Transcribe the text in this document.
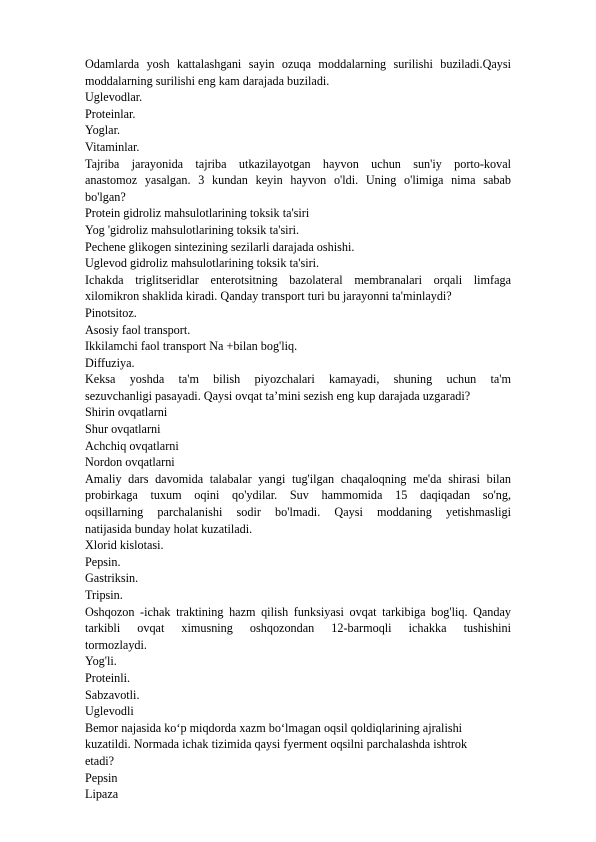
Odamlarda yosh kattalashgani sayin ozuqa moddalarning surilishi buziladi.Qaysi
moddalarning surilishi eng kam darajada buziladi.
Uglevodlar.
Proteinlar.
Yoglar.
Vitaminlar.
Tajriba jarayonida tajriba utkazilayotgan hayvon uchun sun'iy porto-koval
anastomoz yasalgan. 3 kundan keyin hayvon o'ldi. Uning o'limiga nima sabab
bo'lgan?
Protein gidroliz mahsulotlarining toksik ta'siri
Yog 'gidroliz mahsulotlarining toksik ta'siri.
Pechene glikogen sintezining sezilarli darajada oshishi.
Uglevod gidroliz mahsulotlarining toksik ta'siri.
Ichakda triglitseridlar enterotsitning bazolateral membranalari orqali limfaga
xilomikron shaklida kiradi. Qanday transport turi bu jarayonni ta'minlaydi?
Pinotsitoz.
Asosiy faol transport.
Ikkilamchi faol transport Na +bilan bog'liq.
Diffuziya.
Keksa yoshda ta'm bilish piyozchalari kamayadi, shuning uchun ta'm
sezuvchanligi pasayadi. Qaysi ovqat ta’mini sezish eng kup darajada uzgaradi?
Shirin ovqatlarni
Shur ovqatlarni
Achchiq ovqatlarni
Nordon ovqatlarni
Amaliy dars davomida talabalar yangi tug'ilgan chaqaloqning me'da shirasi bilan
probirkaga tuxum oqini qo'ydilar. Suv hammomida 15 daqiqadan so'ng,
oqsillarning parchalanishi sodir bo'lmadi. Qaysi moddaning yetishmasligi
natijasida bunday holat kuzatiladi.
Xlorid kislotasi.
Pepsin.
Gastriksin.
Tripsin.
Oshqozon -ichak traktining hazm qilish funksiyasi ovqat tarkibiga bog'liq. Qanday
tarkibli ovqat ximusning oshqozondan 12-barmoqli ichakka tushishini
tormozlaydi.
Yog'li.
Proteinli.
Sabzavotli.
Uglevodli
Bemor najasida ko‘p miqdorda xazm bo‘lmagan oqsil qoldiqlarining ajralishi
kuzatildi. Normada ichak tizimida qaysi fyerment oqsilni parchalashda ishtrok
etadi?
Pepsin
Lipaza
